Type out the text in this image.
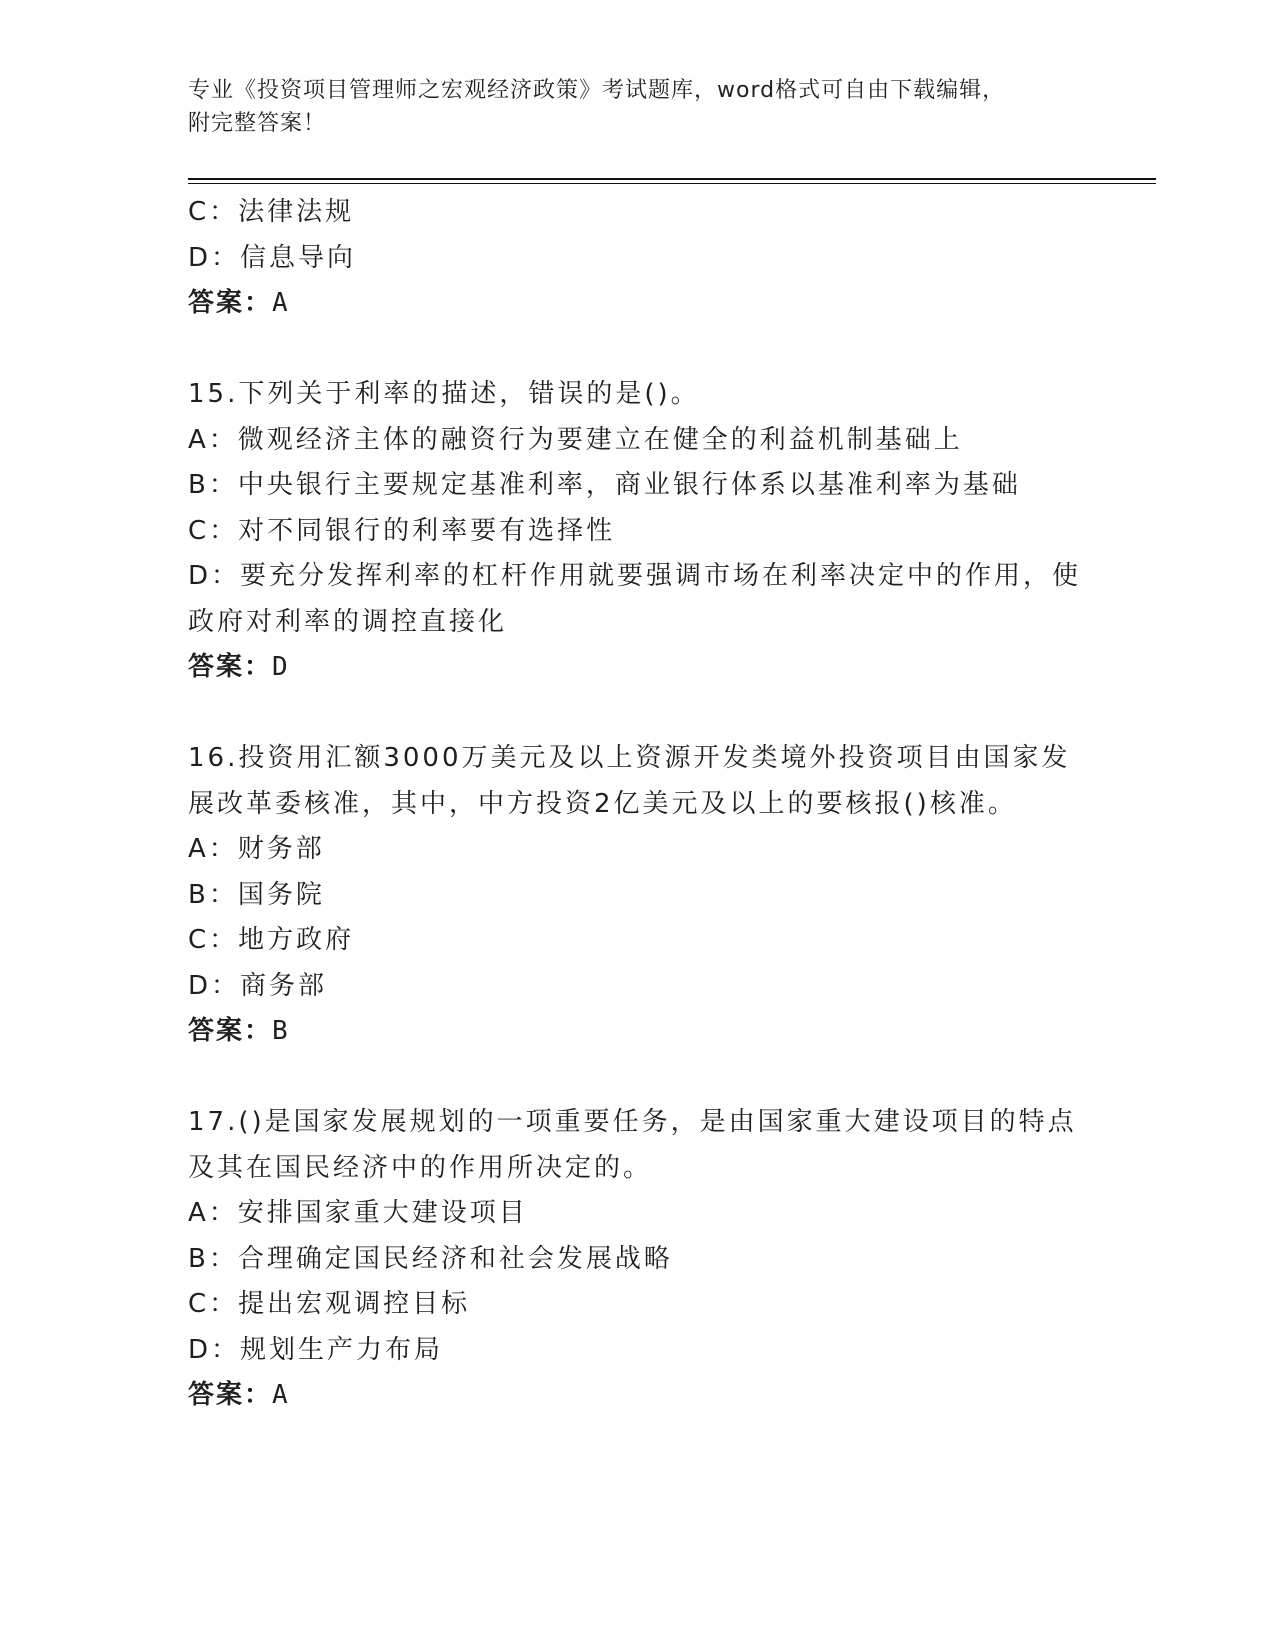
专业《投资项目管理师之宏观经济政策》考试题库，word格式可自由下载编辑，
附完整答案！
C：法律法规
D：信息导向
答案：A
15.下列关于利率的描述，错误的是()。
A：微观经济主体的融资行为要建立在健全的利益机制基础上
B：中央银行主要规定基准利率，商业银行体系以基准利率为基础
C：对不同银行的利率要有选择性
D：要充分发挥利率的杠杆作用就要强调市场在利率决定中的作用，使
政府对利率的调控直接化
答案：D
16.投资用汇额3000万美元及以上资源开发类境外投资项目由国家发
展改革委核准，其中，中方投资2亿美元及以上的要核报()核准。
A：财务部
B：国务院
C：地方政府
D：商务部
答案：B
17.()是国家发展规划的一项重要任务，是由国家重大建设项目的特点
及其在国民经济中的作用所决定的。
A：安排国家重大建设项目
B：合理确定国民经济和社会发展战略
C：提出宏观调控目标
D：规划生产力布局
答案：A
